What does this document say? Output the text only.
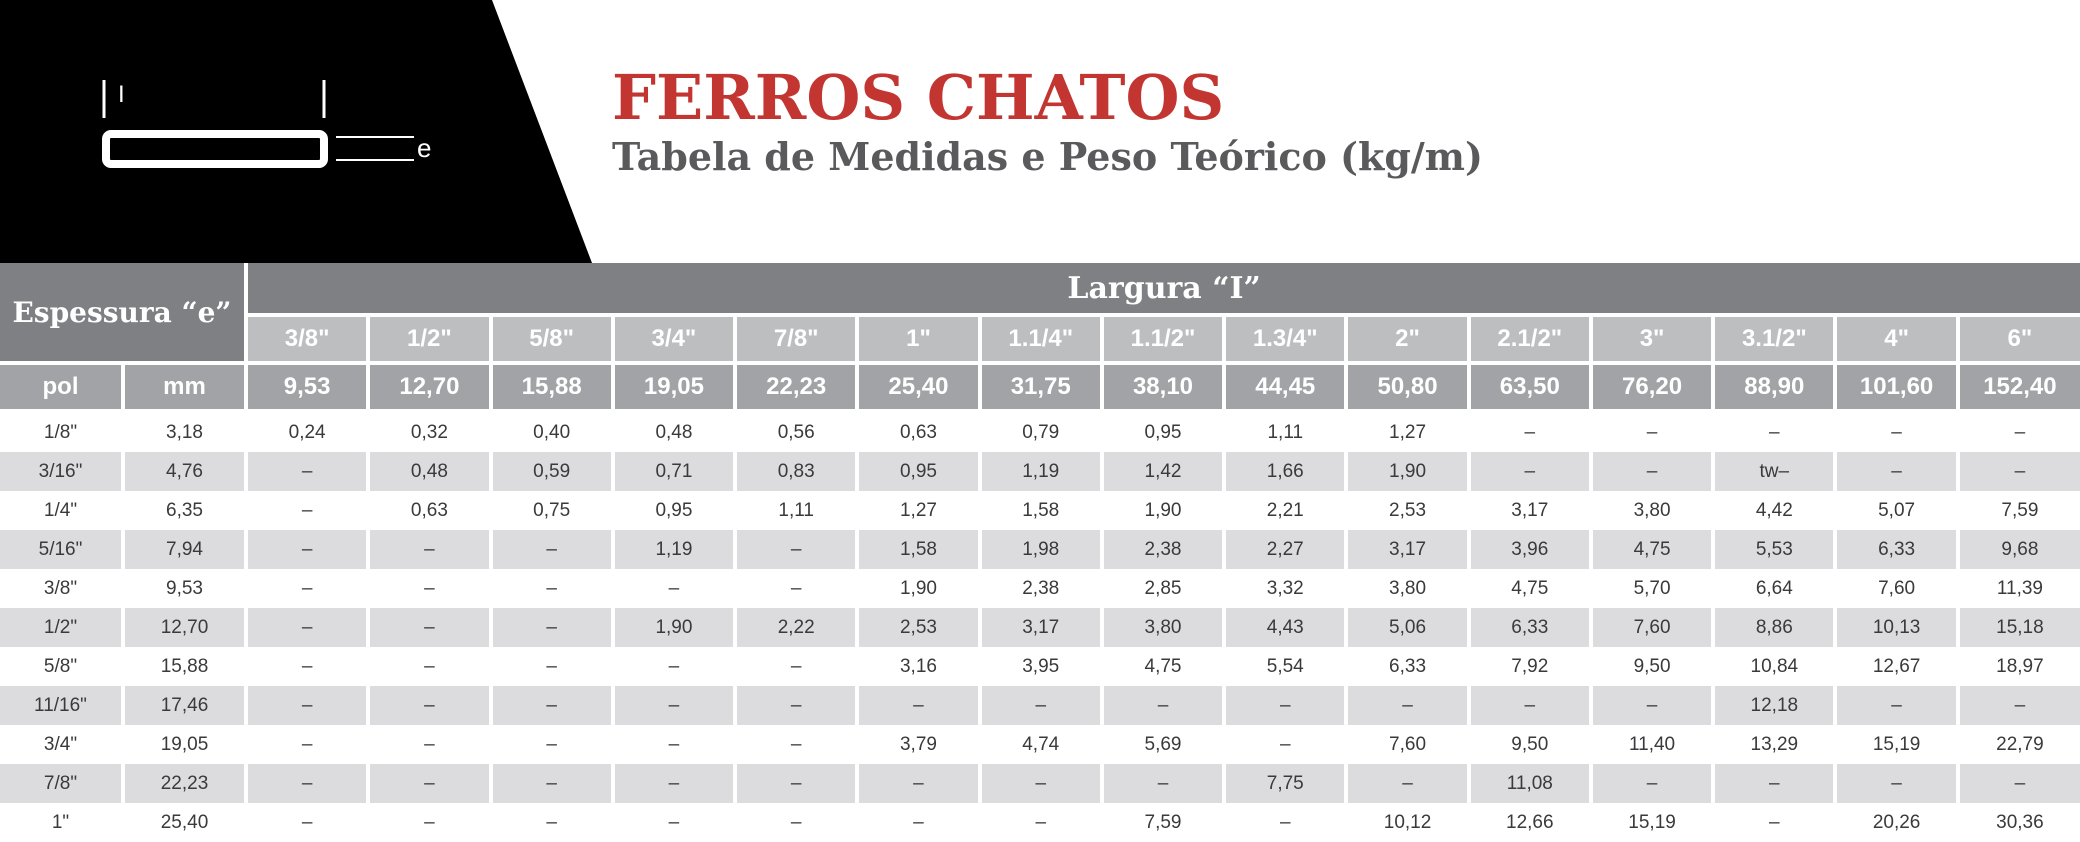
I
e
FERROS CHATOS
Tabela de Medidas e Peso Teórico (kg/m)
Espessura “e”		Largura “I”														
		3/8"	1/2"	5/8"	3/4"	7/8"	1"	1.1/4"	1.1/2"	1.3/4"	2"	2.1/2"	3"	3.1/2"	4"	6"
pol	mm	9,53	12,70	15,88	19,05	22,23	25,40	31,75	38,10	44,45	50,80	63,50	76,20	88,90	101,60	152,40
1/8"	3,18	0,24	0,32	0,40	0,48	0,56	0,63	0,79	0,95	1,11	1,27	–	–	–	–	–
3/16"	4,76	–	0,48	0,59	0,71	0,83	0,95	1,19	1,42	1,66	1,90	–	–	tw–	–	–
1/4"	6,35	–	0,63	0,75	0,95	1,11	1,27	1,58	1,90	2,21	2,53	3,17	3,80	4,42	5,07	7,59
5/16"	7,94	–	–	–	1,19	–	1,58	1,98	2,38	2,27	3,17	3,96	4,75	5,53	6,33	9,68
3/8"	9,53	–	–	–	–	–	1,90	2,38	2,85	3,32	3,80	4,75	5,70	6,64	7,60	11,39
1/2"	12,70	–	–	–	1,90	2,22	2,53	3,17	3,80	4,43	5,06	6,33	7,60	8,86	10,13	15,18
5/8"	15,88	–	–	–	–	–	3,16	3,95	4,75	5,54	6,33	7,92	9,50	10,84	12,67	18,97
11/16"	17,46	–	–	–	–	–	–	–	–	–	–	–	–	12,18	–	–
3/4"	19,05	–	–	–	–	–	3,79	4,74	5,69	–	7,60	9,50	11,40	13,29	15,19	22,79
7/8"	22,23	–	–	–	–	–	–	–	–	7,75	–	11,08	–	–	–	–
1"	25,40	–	–	–	–	–	–	–	7,59	–	10,12	12,66	15,19	–	20,26	30,36
